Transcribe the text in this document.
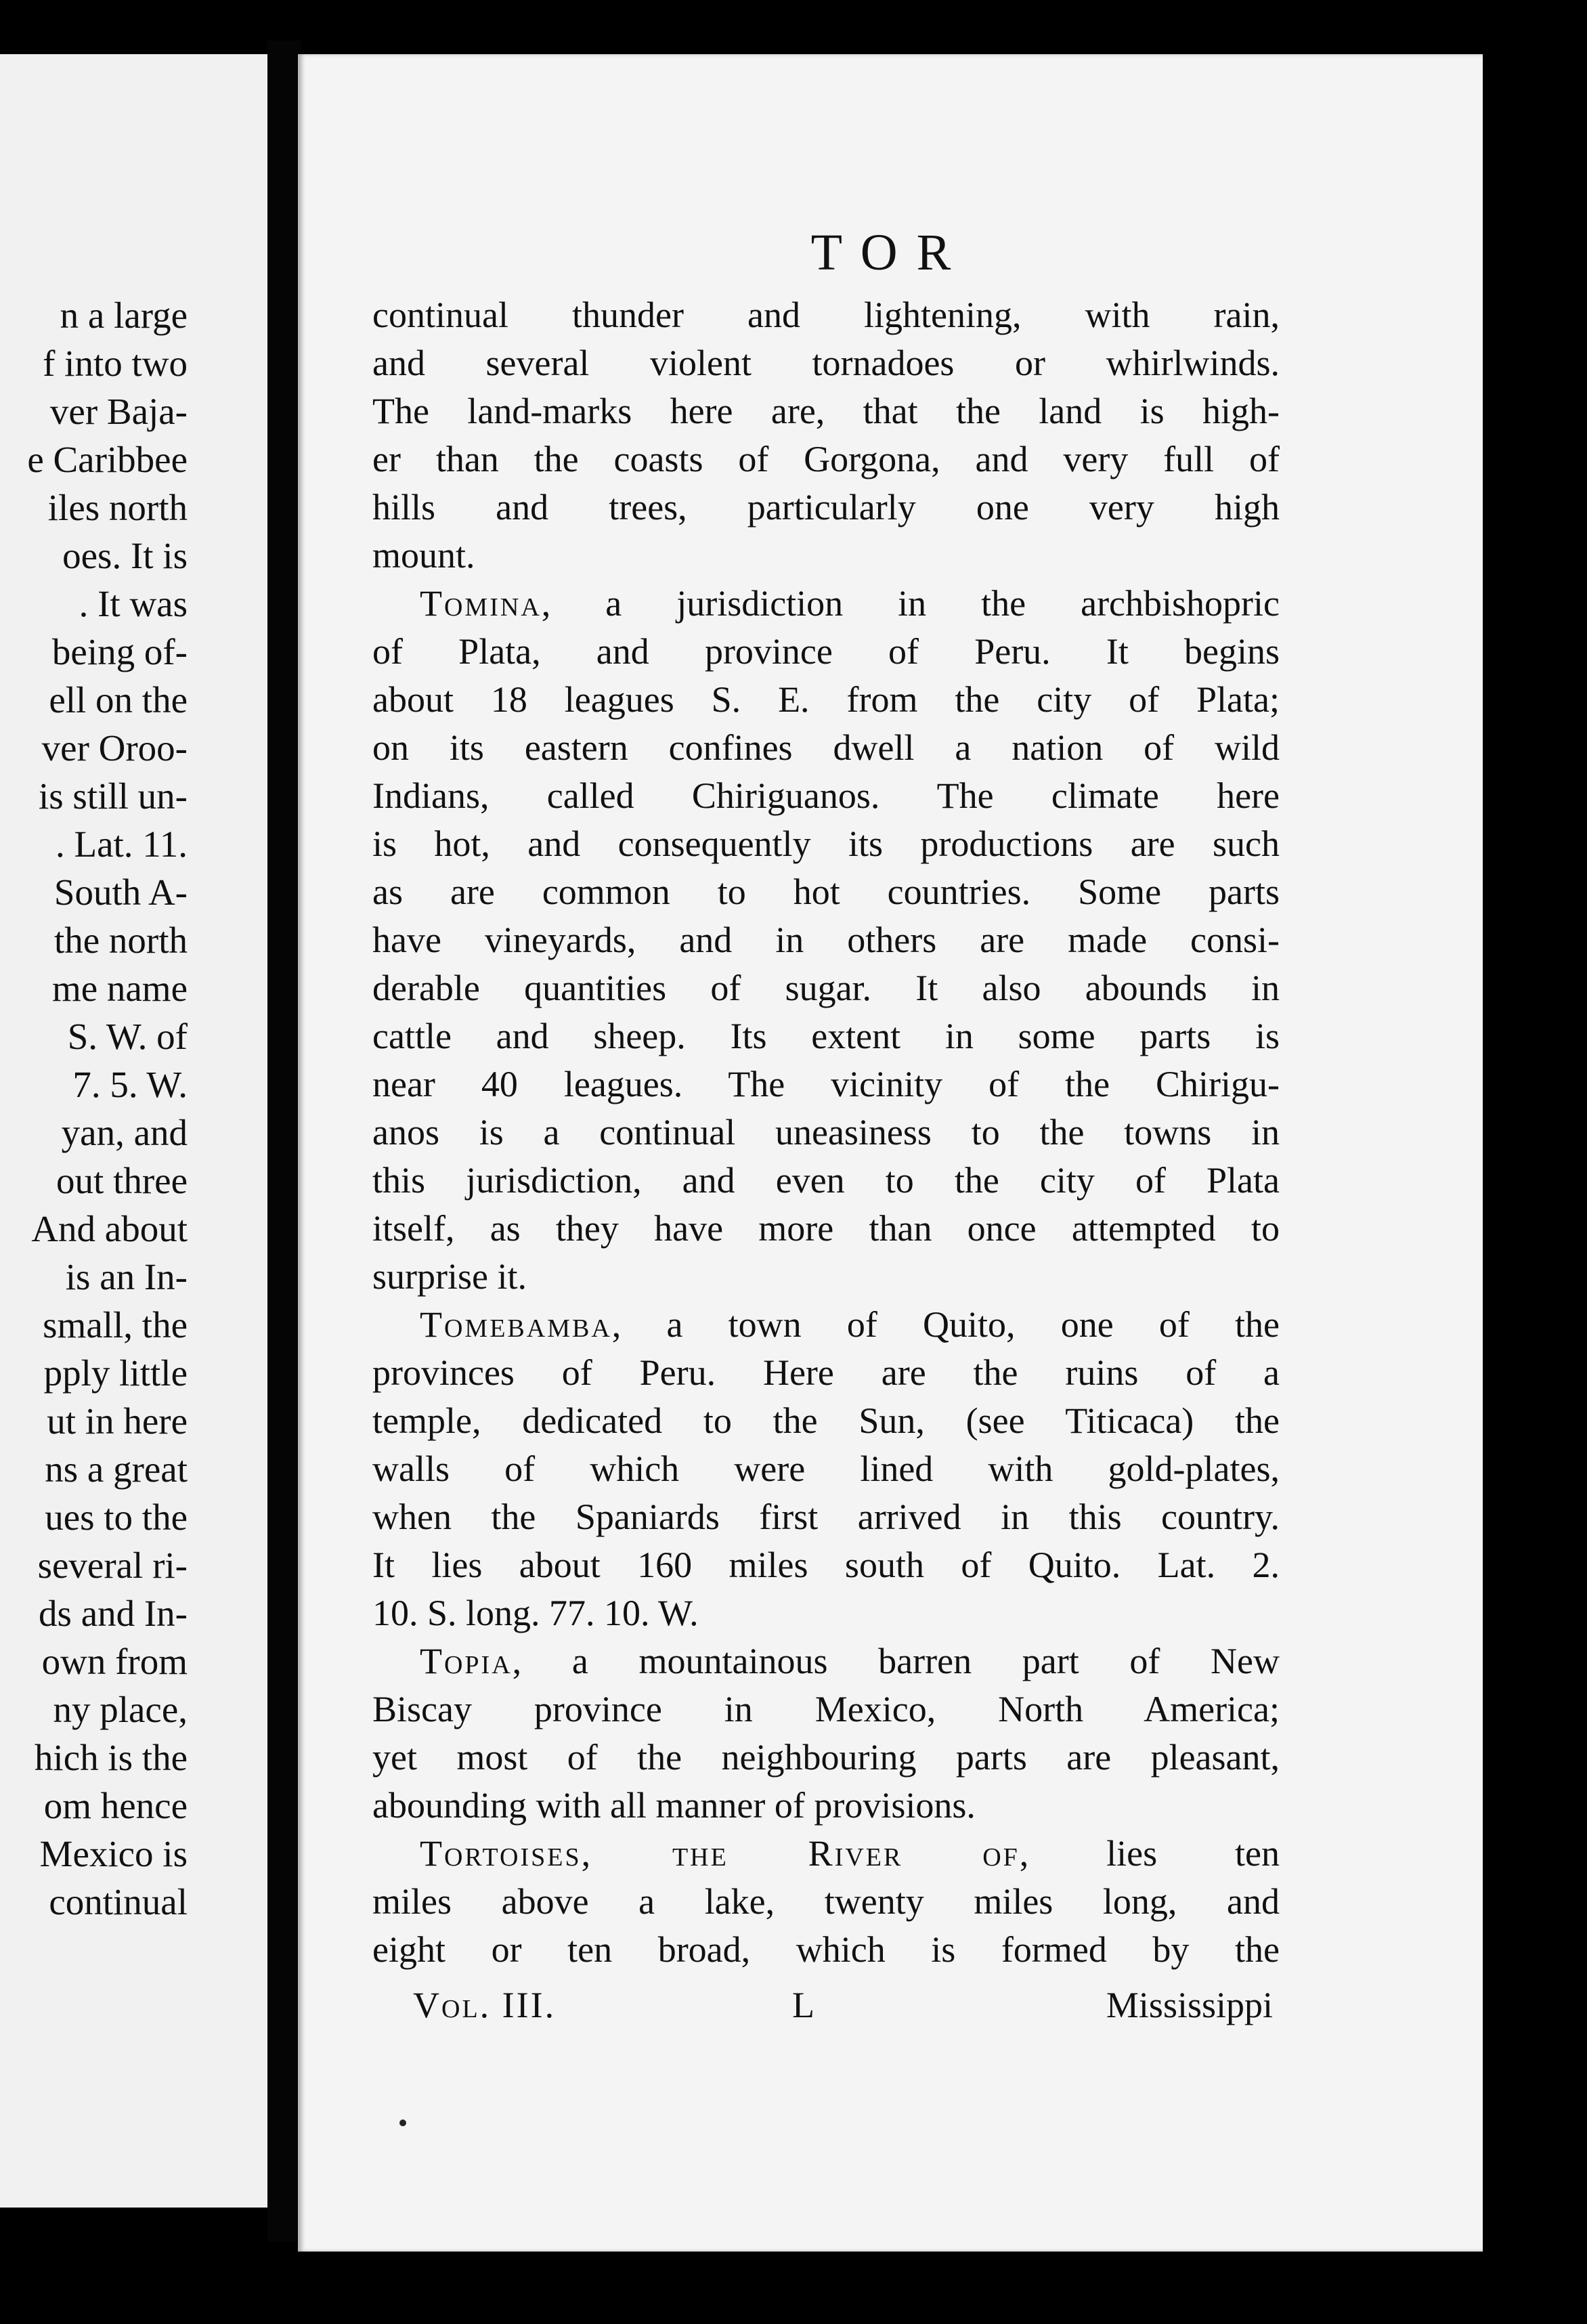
n a large
f into two
ver Baja-
e Caribbee
iles north
oes. It is
. It was
being of-
ell on the
ver Oroo-
is still un-
. Lat. 11.
South A-
the north
me name
S. W. of
7. 5. W.
yan, and
out three
And about
is an In-
small, the
pply little
ut in here
ns a great
ues to the
several ri-
ds and In-
own from
ny place,
hich is the
om hence
Mexico is
continual
TOR
continual thunder and lightening, with rain,
and several violent tornadoes or whirlwinds.
The land-marks here are, that the land is high-
er than the coasts of Gorgona, and very full of
hills and trees, particularly one very high
mount.
Tomina, a jurisdiction in the archbishopric
of Plata, and province of Peru. It begins
about 18 leagues S. E. from the city of Plata;
on its eastern confines dwell a nation of wild
Indians, called Chiriguanos. The climate here
is hot, and consequently its productions are such
as are common to hot countries. Some parts
have vineyards, and in others are made consi-
derable quantities of sugar. It also abounds in
cattle and sheep. Its extent in some parts is
near 40 leagues. The vicinity of the Chirigu-
anos is a continual uneasiness to the towns in
this jurisdiction, and even to the city of Plata
itself, as they have more than once attempted to
surprise it.
Tomebamba, a town of Quito, one of the
provinces of Peru. Here are the ruins of a
temple, dedicated to the Sun, (see Titicaca) the
walls of which were lined with gold-plates,
when the Spaniards first arrived in this country.
It lies about 160 miles south of Quito. Lat. 2.
10. S. long. 77. 10. W.
Topia, a mountainous barren part of New
Biscay province in Mexico, North America;
yet most of the neighbouring parts are pleasant,
abounding with all manner of provisions.
Tortoises, the River of, lies ten
miles above a lake, twenty miles long, and
eight or ten broad, which is formed by the
Vol. III.	L	Mississippi
